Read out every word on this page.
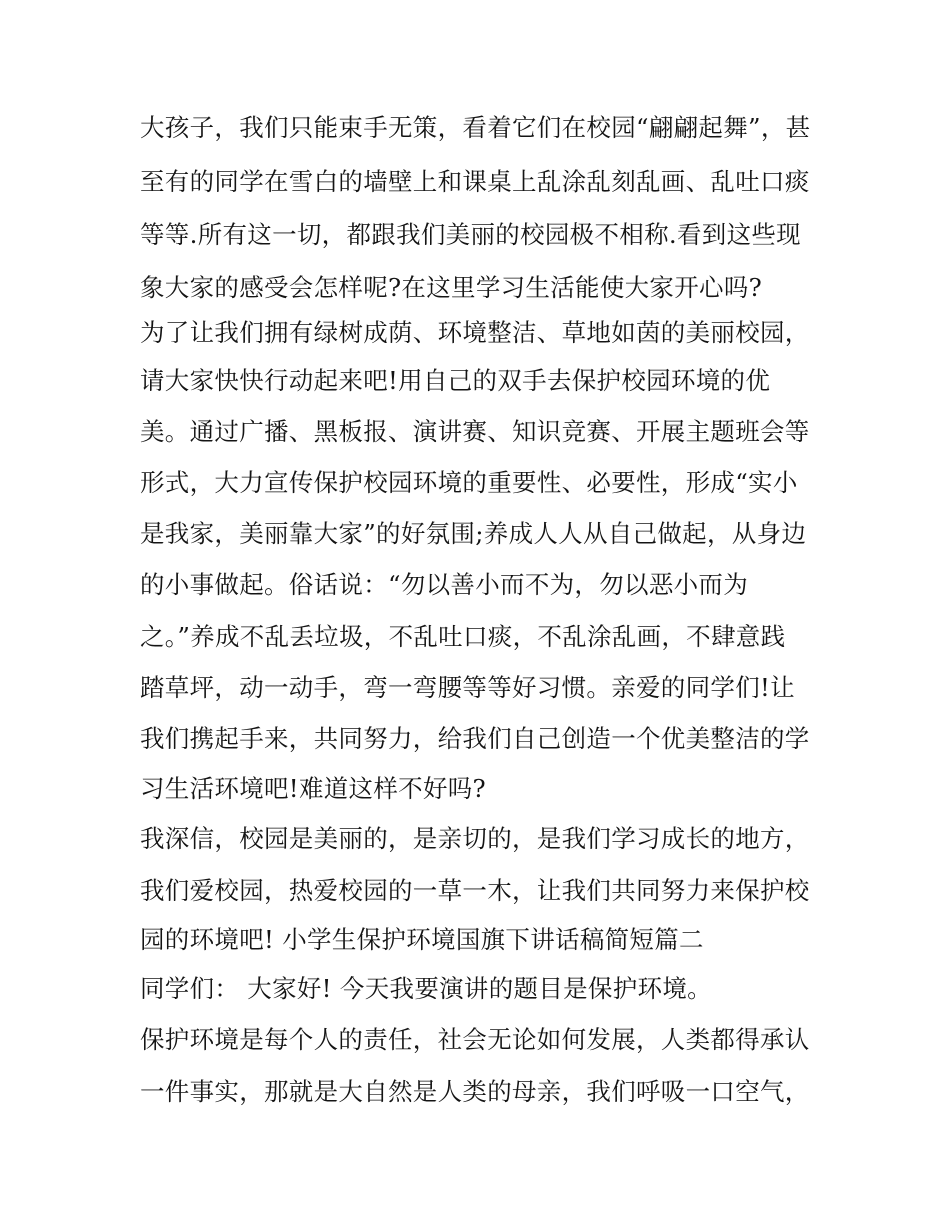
大孩子，我们只能束手无策，看着它们在校园“翩翩起舞”，甚
至有的同学在雪白的墙壁上和课桌上乱涂乱刻乱画、乱吐口痰
等等.所有这一切，都跟我们美丽的校园极不相称.看到这些现
象大家的感受会怎样呢?在这里学习生活能使大家开心吗?
为了让我们拥有绿树成荫、环境整洁、草地如茵的美丽校园，
请大家快快行动起来吧!用自己的双手去保护校园环境的优
美。通过广播、黑板报、演讲赛、知识竞赛、开展主题班会等
形式，大力宣传保护校园环境的重要性、必要性，形成“实小
是我家，美丽靠大家”的好氛围;养成人人从自己做起，从身边
的小事做起。俗话说：“勿以善小而不为，勿以恶小而为
之。”养成不乱丢垃圾，不乱吐口痰，不乱涂乱画，不肆意践
踏草坪，动一动手，弯一弯腰等等好习惯。亲爱的同学们!让
我们携起手来，共同努力，给我们自己创造一个优美整洁的学
习生活环境吧!难道这样不好吗?
我深信，校园是美丽的，是亲切的，是我们学习成长的地方，
我们爱校园，热爱校园的一草一木，让我们共同努力来保护校
园的环境吧! 小学生保护环境国旗下讲话稿简短篇二
同学们： 大家好! 今天我要演讲的题目是保护环境。
保护环境是每个人的责任，社会无论如何发展，人类都得承认
一件事实，那就是大自然是人类的母亲，我们呼吸一口空气，
